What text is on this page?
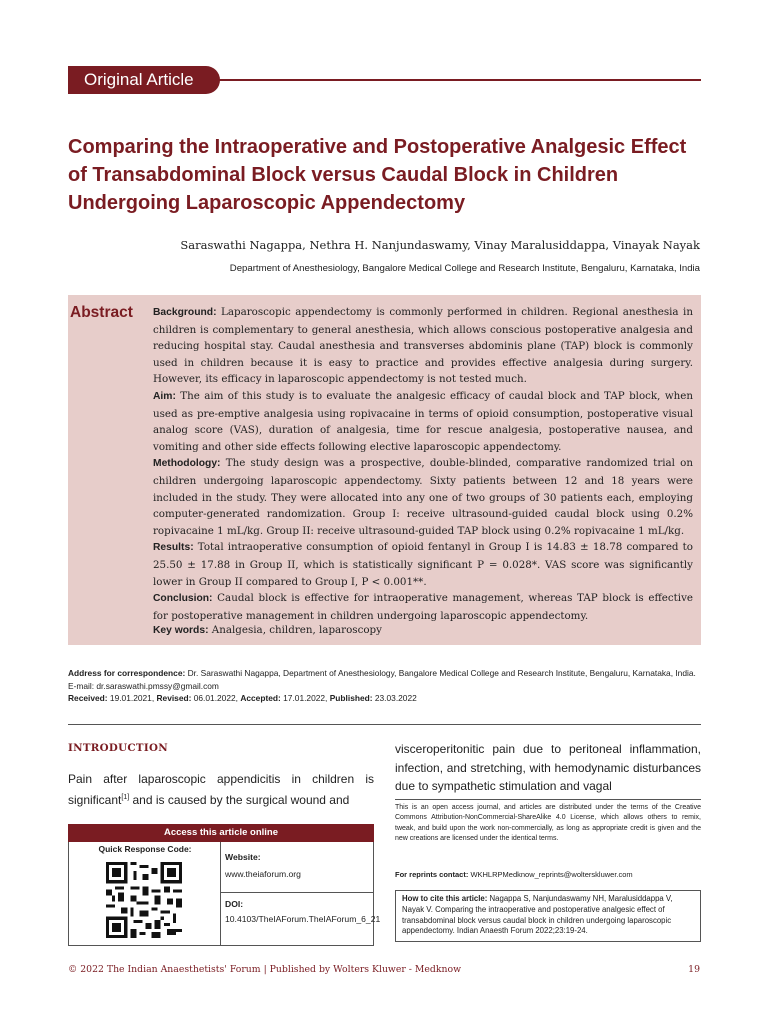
Original Article
Comparing the Intraoperative and Postoperative Analgesic Effect of Transabdominal Block versus Caudal Block in Children Undergoing Laparoscopic Appendectomy
Saraswathi Nagappa, Nethra H. Nanjundaswamy, Vinay Maralusiddappa, Vinayak Nayak
Department of Anesthesiology, Bangalore Medical College and Research Institute, Bengaluru, Karnataka, India
Abstract Background: Laparoscopic appendectomy is commonly performed in children. Regional anesthesia in children is complementary to general anesthesia, which allows conscious postoperative analgesia and reducing hospital stay. Caudal anesthesia and transverses abdominis plane (TAP) block is commonly used in children because it is easy to practice and provides effective analgesia during surgery. However, its efficacy in laparoscopic appendectomy is not tested much.

Aim: The aim of this study is to evaluate the analgesic efficacy of caudal block and TAP block, when used as pre-emptive analgesia using ropivacaine in terms of opioid consumption, postoperative visual analog score (VAS), duration of analgesia, time for rescue analgesia, postoperative nausea, and vomiting and other side effects following elective laparoscopic appendectomy.

Methodology: The study design was a prospective, double-blinded, comparative randomized trial on children undergoing laparoscopic appendectomy. Sixty patients between 12 and 18 years were included in the study. They were allocated into any one of two groups of 30 patients each, employing computer-generated randomization. Group I: receive ultrasound-guided caudal block using 0.2% ropivacaine 1 mL/kg. Group II: receive ultrasound-guided TAP block using 0.2% ropivacaine 1 mL/kg.

Results: Total intraoperative consumption of opioid fentanyl in Group I is 14.83 ± 18.78 compared to 25.50 ± 17.88 in Group II, which is statistically significant P = 0.028*. VAS score was significantly lower in Group II compared to Group I, P < 0.001**.

Conclusion: Caudal block is effective for intraoperative management, whereas TAP block is effective for postoperative management in children undergoing laparoscopic appendectomy.

Key words: Analgesia, children, laparoscopy
Address for correspondence: Dr. Saraswathi Nagappa, Department of Anesthesiology, Bangalore Medical College and Research Institute, Bengaluru, Karnataka, India.
E-mail: dr.saraswathi.pmssy@gmail.com
Received: 19.01.2021, Revised: 06.01.2022, Accepted: 17.01.2022, Published: 23.03.2022
INTRODUCTION
Pain after laparoscopic appendicitis in children is significant[1] and is caused by the surgical wound and
visceroperitonitic pain due to peritoneal inflammation, infection, and stretching, with hemodynamic disturbances due to sympathetic stimulation and vagal
Access this article online
Quick Response Code:
Website:
www.theiaforum.org
DOI:
10.4103/TheIAForum.TheIAForum_6_21
This is an open access journal, and articles are distributed under the terms of the Creative Commons Attribution-NonCommercial-ShareAlike 4.0 License, which allows others to remix, tweak, and build upon the work non-commercially, as long as appropriate credit is given and the new creations are licensed under the identical terms.
For reprints contact: WKHLRPMedknow_reprints@wolterskluwer.com
How to cite this article: Nagappa S, Nanjundaswamy NH, Maralusiddappa V, Nayak V. Comparing the intraoperative and postoperative analgesic effect of transabdominal block versus caudal block in children undergoing laparoscopic appendectomy. Indian Anaesth Forum 2022;23:19-24.
© 2022 The Indian Anaesthetists' Forum | Published by Wolters Kluwer - Medknow	19
